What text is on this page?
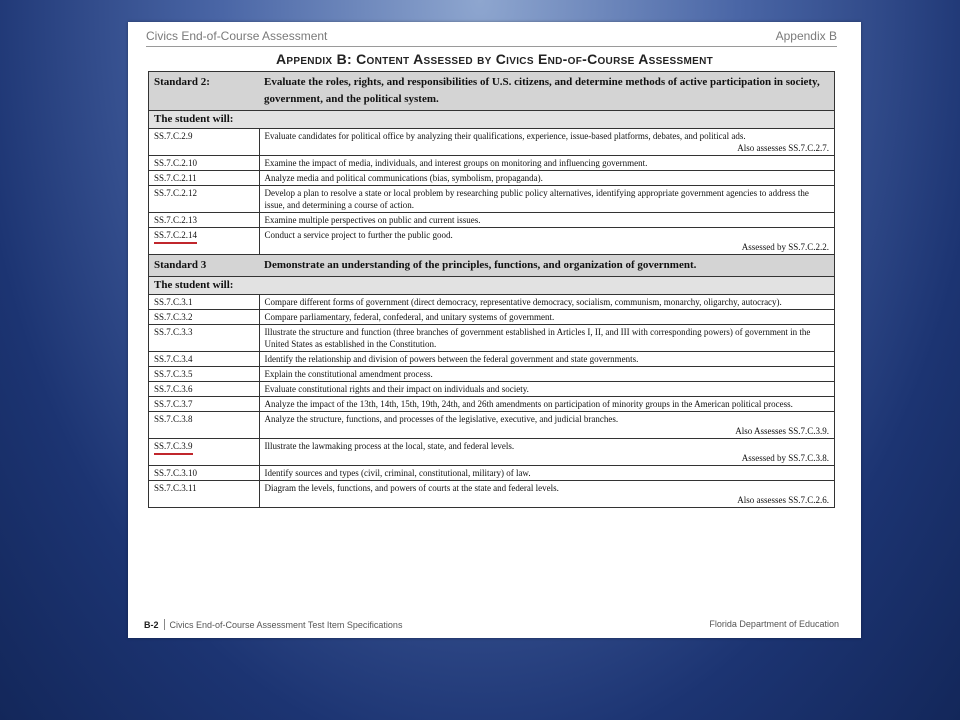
Civics End-of-Course Assessment	Appendix B
Appendix B: Content Assessed by Civics End-of-Course Assessment
Standard 2:	Evaluate the roles, rights, and responsibilities of U.S. citizens, and determine methods of active participation in society, government, and the political system.
The student will:	
SS.7.C.2.9	Evaluate candidates for political office by analyzing their qualifications, experience, issue-based platforms, debates, and political ads.
Also assesses SS.7.C.2.7.

SS.7.C.2.10	Examine the impact of media, individuals, and interest groups on monitoring and influencing government.
SS.7.C.2.11	Analyze media and political communications (bias, symbolism, propaganda).
SS.7.C.2.12	Develop a plan to resolve a state or local problem by researching public policy alternatives, identifying appropriate government agencies to address the issue, and determining a course of action.
SS.7.C.2.13	Examine multiple perspectives on public and current issues.
SS.7.C.2.14	Conduct a service project to further the public good.
Assessed by SS.7.C.2.2.

Standard 3	Demonstrate an understanding of the principles, functions, and organization of government.
The student will:	
SS.7.C.3.1	Compare different forms of government (direct democracy, representative democracy, socialism, communism, monarchy, oligarchy, autocracy).
SS.7.C.3.2	Compare parliamentary, federal, confederal, and unitary systems of government.
SS.7.C.3.3	Illustrate the structure and function (three branches of government established in Articles I, II, and III with corresponding powers) of government in the United States as established in the Constitution.
SS.7.C.3.4	Identify the relationship and division of powers between the federal government and state governments.
SS.7.C.3.5	Explain the constitutional amendment process.
SS.7.C.3.6	Evaluate constitutional rights and their impact on individuals and society.
SS.7.C.3.7	Analyze the impact of the 13th, 14th, 15th, 19th, 24th, and 26th amendments on participation of minority groups in the American political process.
SS.7.C.3.8	Analyze the structure, functions, and processes of the legislative, executive, and judicial branches.
Also Assesses SS.7.C.3.9.

SS.7.C.3.9	Illustrate the lawmaking process at the local, state, and federal levels.
Assessed by SS.7.C.3.8.

SS.7.C.3.10	Identify sources and types (civil, criminal, constitutional, military) of law.
SS.7.C.3.11	Diagram the levels, functions, and powers of courts at the state and federal levels.
Also assesses SS.7.C.2.6.
B-2 Civics End-of-Course Assessment Test Item Specifications	Florida Department of Education
